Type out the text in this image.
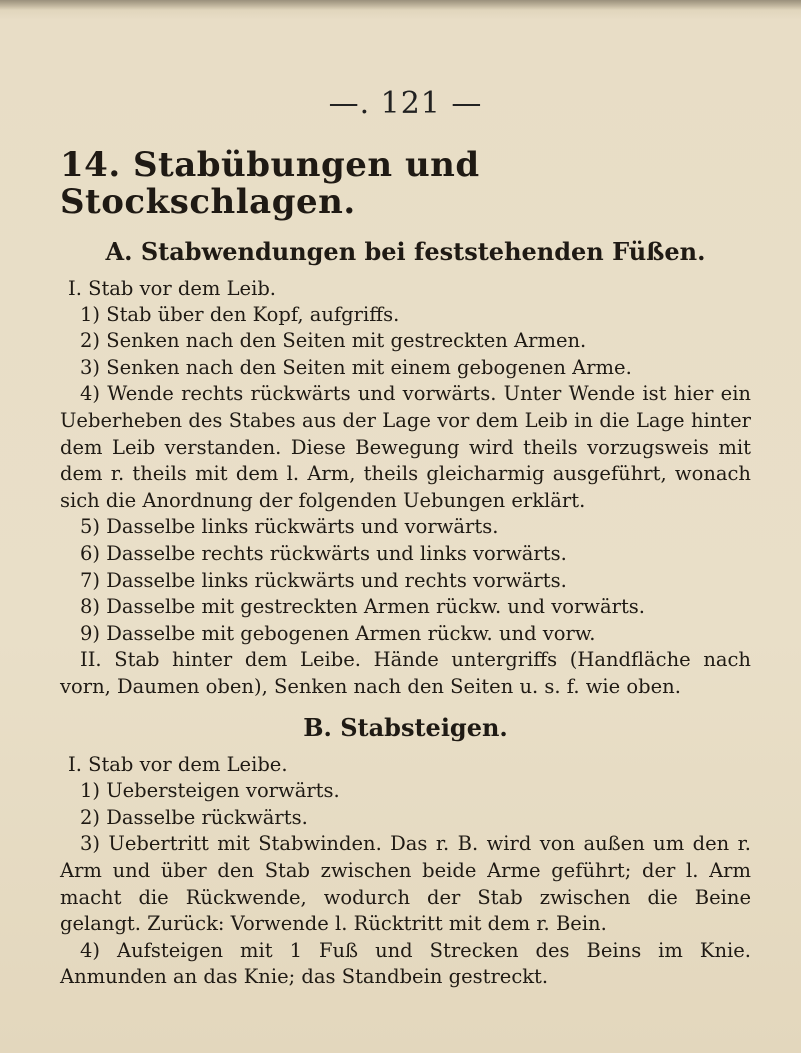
—. 121 —
14. Stabübungen und Stockschlagen.
A. Stabwendungen bei feststehenden Füßen.

I. Stab vor dem Leib.

1) Stab über den Kopf, aufgriffs.

2) Senken nach den Seiten mit gestreckten Armen.

3) Senken nach den Seiten mit einem gebogenen Arme.

4) Wende rechts rückwärts und vorwärts. Unter Wende ist hier ein Ueberheben des Stabes aus der Lage vor dem Leib in die Lage hinter dem Leib verstanden. Diese Bewegung wird theils vorzugsweis mit dem r. theils mit dem l. Arm, theils gleicharmig ausgeführt, wonach sich die Anordnung der folgenden Uebungen erklärt.

5) Dasselbe links rückwärts und vorwärts.

6) Dasselbe rechts rückwärts und links vorwärts.

7) Dasselbe links rückwärts und rechts vorwärts.

8) Dasselbe mit gestreckten Armen rückw. und vorwärts.

9) Dasselbe mit gebogenen Armen rückw. und vorw.

II. Stab hinter dem Leibe. Hände untergriffs (Handfläche nach vorn, Daumen oben), Senken nach den Seiten u. s. f. wie oben.

B. Stabsteigen.

I. Stab vor dem Leibe.

1) Uebersteigen vorwärts.

2) Dasselbe rückwärts.

3) Uebertritt mit Stabwinden. Das r. B. wird von außen um den r. Arm und über den Stab zwischen beide Arme geführt; der l. Arm macht die Rückwende, wodurch der Stab zwischen die Beine gelangt. Zurück: Vorwende l. Rücktritt mit dem r. Bein.

4) Aufsteigen mit 1 Fuß und Strecken des Beins im Knie. Anmunden an das Knie; das Standbein gestreckt.
